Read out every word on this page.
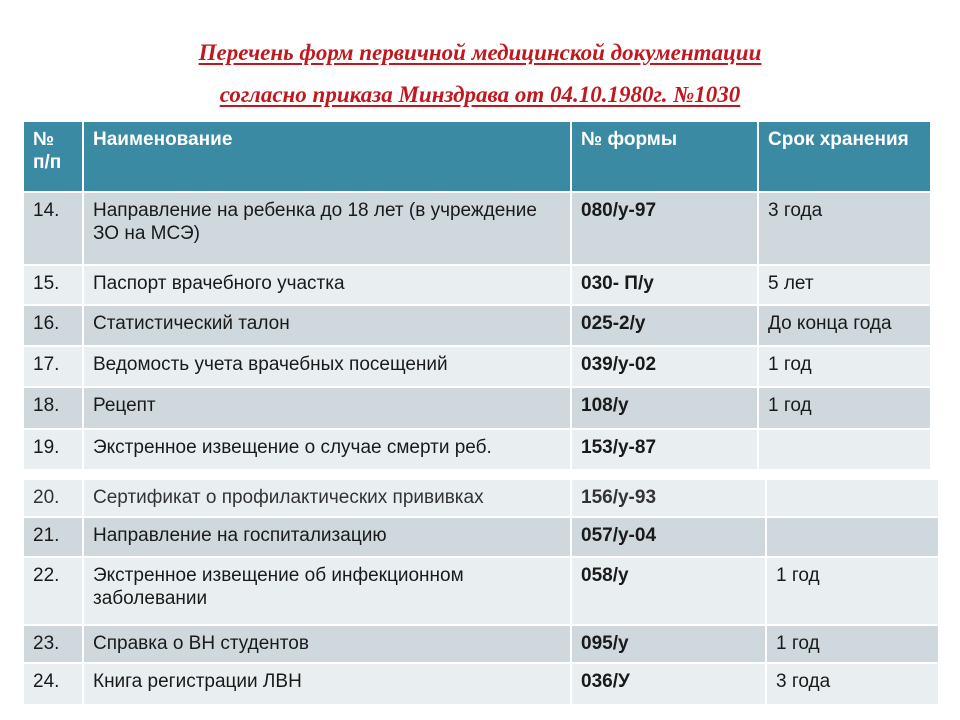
Перечень форм первичной медицинской документации
согласно приказа Минздрава от 04.10.1980г. №1030
№ п/п	Наименование	№ формы	Срок хранения
14.	Направление на ребенка до 18 лет (в учреждение ЗО на МСЭ)	080/у-97	3 года
15.	Паспорт врачебного участка	030- П/у	5 лет
16.	Статистический талон	025-2/у	До конца года
17.	Ведомость учета врачебных посещений	039/у-02	1 год
18.	Рецепт	108/у	1 год
19.	Экстренное извещение о случае смерти реб.	153/у-87	
20.	Сертификат о профилактических прививках	156/у-93	
21.	Направление на госпитализацию	057/у-04	
22.	Экстренное извещение об инфекционном заболевании	058/у	1 год
23.	Справка о ВН студентов	095/у	1 год
24.	Книга регистрации ЛВН	036/У	3 года
